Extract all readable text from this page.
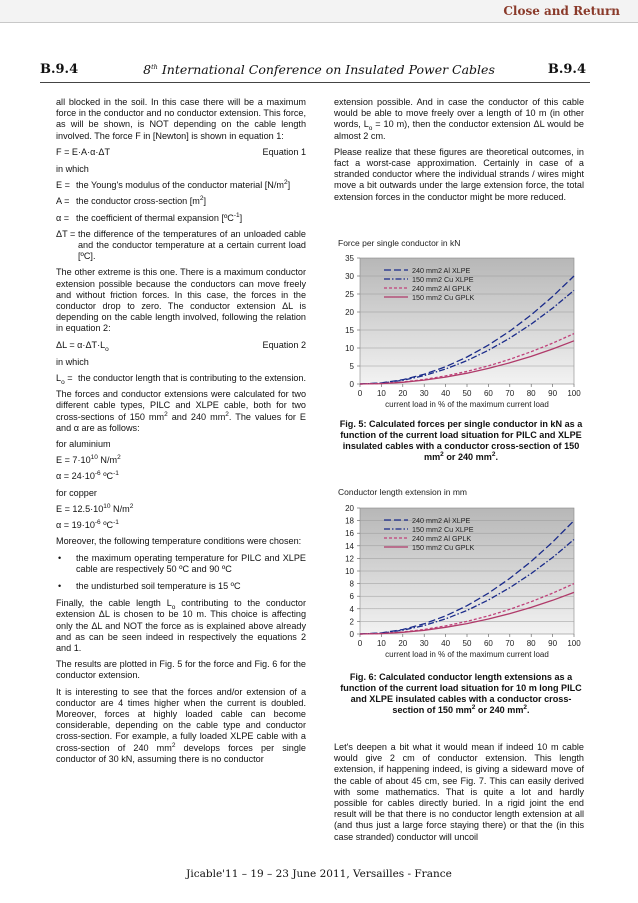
Close and Return
8th International Conference on Insulated Power Cables
B.9.4	B.9.4

all blocked in the soil. In this case there will be a maximum force in the conductor and no conductor extension. This force, as will be shown, is NOT depending on the cable length involved. The force F in [Newton] is shown in equation 1:

F = E·A·α·ΔT	Equation 1

in which

E = the Young's modulus of the conductor material $[N/m^2]$
A = the conductor cross-section $[m^2]$
α = the coefficient of thermal expansion [ºC$^{-1}$]
ΔT = the difference of the temperatures of an unloaded cable and the conductor temperature at a certain current load [ºC].

The other extreme is this one. There is a maximum conductor extension possible because the conductors can move freely and without friction forces. In this case, the forces in the conductor drop to zero. The conductor extension ΔL is depending on the cable length involved, following the relation in equation 2:

$\Delta L = \alpha\cdot\Delta T\cdot L_o$	Equation 2

in which

$L_o$ = the conductor length that is contributing to the extension.

The forces and conductor extensions were calculated for two different cable types, PILC and XLPE cable, both for two cross-sections of 150 $mm^2$ and 240 $mm^2$. The values for E and α are as follows:

for aluminium

$E = 7\cdot 10^{10}$ $N/m^2$

$\alpha = 24\cdot 10^{-6}$ ºC$^{-1}$

for copper

$E = 12.5\cdot 10^{10}$ $N/m^2$

$\alpha = 19\cdot 10^{-6}$ ºC$^{-1}$

Moreover, the following temperature conditions were chosen:

•	the maximum operating temperature for PILC and XLPE cable are respectively 50 ºC and 90 ºC
•	the undisturbed soil temperature is 15 ºC

Finally, the cable length $L_o$ contributing to the conductor extension ΔL is chosen to be 10 m. This choice is affecting only the ΔL and NOT the force as is explained above already and as can be seen indeed in respectively the equations 2 and 1.

The results are plotted in Fig. 5 for the force and Fig. 6 for the conductor extension.

It is interesting to see that the forces and/or extension of a conductor are 4 times higher when the current is doubled. Moreover, forces at highly loaded cable can become considerable, depending on the cable type and conductor cross-section. For example, a fully loaded XLPE cable with a cross-section of 240 $mm^2$ develops forces per single conductor of 30 kN, assuming there is no conductor

extension possible. And in case the conductor of this cable would be able to move freely over a length of 10 m (in other words, $L_o = 10$ m), then the conductor extension ΔL would be almost 2 cm.

Please realize that these figures are theoretical outcomes, in fact a worst-case approximation. Certainly in case of a stranded conductor where the individual strands / wires might move a bit outwards under the large extension force, the total extension forces in the conductor might be more reduced.

Force per single conductor in kN
0
5
10
15
20
25
30
35
0 10 20 30 40 50 60 70 80 90 100
current load in % of the maximum current load
240 mm2 Al XLPE
150 mm2 Cu XLPE
240 mm2 Al GPLK
150 mm2 Cu GPLK
Fig. 5: Calculated forces per single conductor in kN as a function of the current load situation for PILC and XLPE insulated cables with a conductor cross-section of 150 $mm^2$ or 240 $mm^2$.
Conductor length extension in mm
0
2
4
6
8
10
12
14
16
18
20
0 10 20 30 40 50 60 70 80 90 100
current load in % of the maximum current load
240 mm2 Al XLPE
150 mm2 Cu XLPE
240 mm2 Al GPLK
150 mm2 Cu GPLK
Fig. 6: Calculated conductor length extensions as a function of the current load situation for 10 m long PILC and XLPE insulated cables with a conductor cross-section of 150 $mm^2$ or 240 $mm^2$.

Let's deepen a bit what it would mean if indeed 10 m cable would give 2 cm of conductor extension. This length extension, if happening indeed, is giving a sideward move of the cable of about 45 cm, see Fig. 7. This can easily derived with some mathematics. That is quite a lot and hardly possible for cables directly buried. In a rigid joint the end result will be that there is no conductor length extension at all (and thus just a large force staying there) or that the (in this case stranded) conductor will uncoil

Jicable'11 – 19 – 23 June 2011, Versailles - France
